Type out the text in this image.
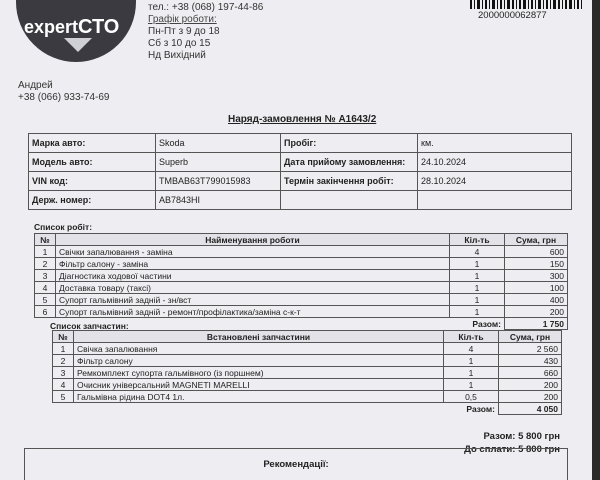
expertСТО
тел.: +38 (068) 197-44-86
Графік роботи:
Пн-Пт з 9 до 18
Сб з 10 до 15
Нд Вихідний
2000000062877
Андрей
+38 (066) 933-74-69
Наряд-замовлення № A1643/2
Марка авто:	Skoda	Пробіг:	км.
Модель авто:	Superb	Дата прийому замовлення:	24.10.2024
VIN код:	TMBAB63T799015983	Термін закінчення робіт:	28.10.2024
Держ. номер:	AB7843HI		
Список робіт:
№	Найменування роботи	Кіл-ть	Сума, грн
1	Свічки запалювання - заміна	4	600
2	Фільтр салону - заміна	1	150
3	Діагностика ходової частини	1	300
4	Доставка товару (таксі)	1	100
5	Супорт гальмівний задній - зн/вст	1	400
6	Супорт гальмівний задній - ремонт/профілактика/заміна с-к-т	1	200
		Разом:	1 750
Список запчастин:
№	Встановлені запчастини	Кіл-ть	Сума, грн
1	Свічка запалювання	4	2 560
2	Фільтр салону	1	430
3	Ремкомплект супорта гальмівного (із поршнем)	1	660
4	Очисник універсальний MAGNETI MARELLI	1	200
5	Гальмівна рідина DOT4 1л.	0,5	200
		Разом:	4 050
Разом: 5 800 грн
До сплати: 5 800 грн
Рекомендації:
